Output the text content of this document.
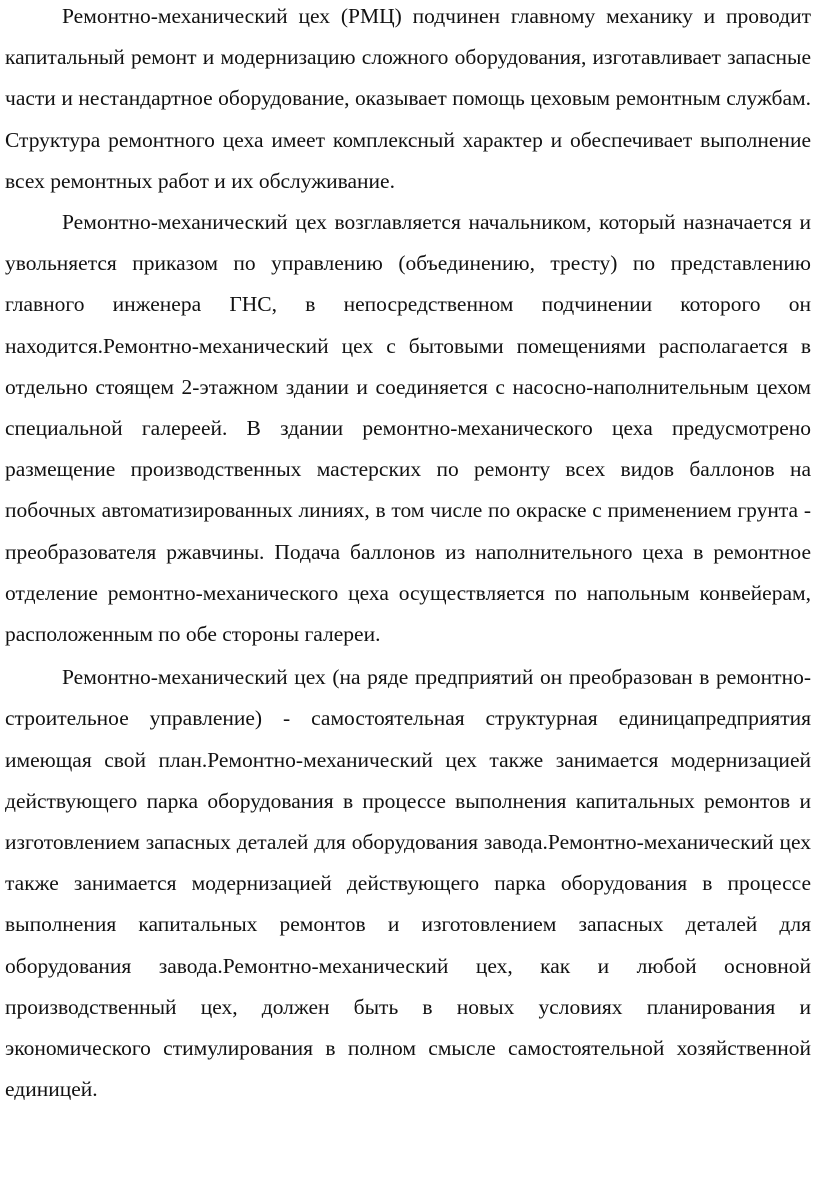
Ремонтно-механический цех (РМЦ) подчинен главному механику и проводит капитальный ремонт и модернизацию сложного оборудования, изготавливает запасные части и нестандартное оборудование, оказывает помощь цеховым ремонтным службам. Структура ремонтного цеха имеет комплексный характер и обеспечивает выполнение всех ремонтных работ и их обслуживание.

Ремонтно-механический цех возглавляется начальником, который назначается и увольняется приказом по управлению (объединению, тресту) по представлению главного инженера ГНС, в непосредственном подчинении которого он находится.Ремонтно-механический цех с бытовыми помещениями располагается в отдельно стоящем 2-этажном здании и соединяется с насосно-наполнительным цехом специальной галереей. В здании ремонтно-механического цеха предусмотрено размещение производственных мастерских по ремонту всех видов баллонов на побочных автоматизированных линиях, в том числе по окраске с применением грунта - преобразователя ржавчины. Подача баллонов из наполнительного цеха в ремонтное отделение ремонтно-механического цеха осуществляется по напольным конвейерам, расположенным по обе стороны галереи.

Ремонтно-механический цех (на ряде предприятий он преобразован в ремонтно-строительное управление) - самостоятельная структурная единицапредприятия имеющая свой план.Ремонтно-механический цех также занимается модернизацией действующего парка оборудования в процессе выполнения капитальных ремонтов и изготовлением запасных деталей для оборудования завода.Ремонтно-механический цех также занимается модернизацией действующего парка оборудования в процессе выполнения капитальных ремонтов и изготовлением запасных деталей для оборудования завода.Ремонтно-механический цех, как и любой основной производственный цех, должен быть в новых условиях планирования и экономического стимулирования в полном смысле самостоятельной хозяйственной единицей.
